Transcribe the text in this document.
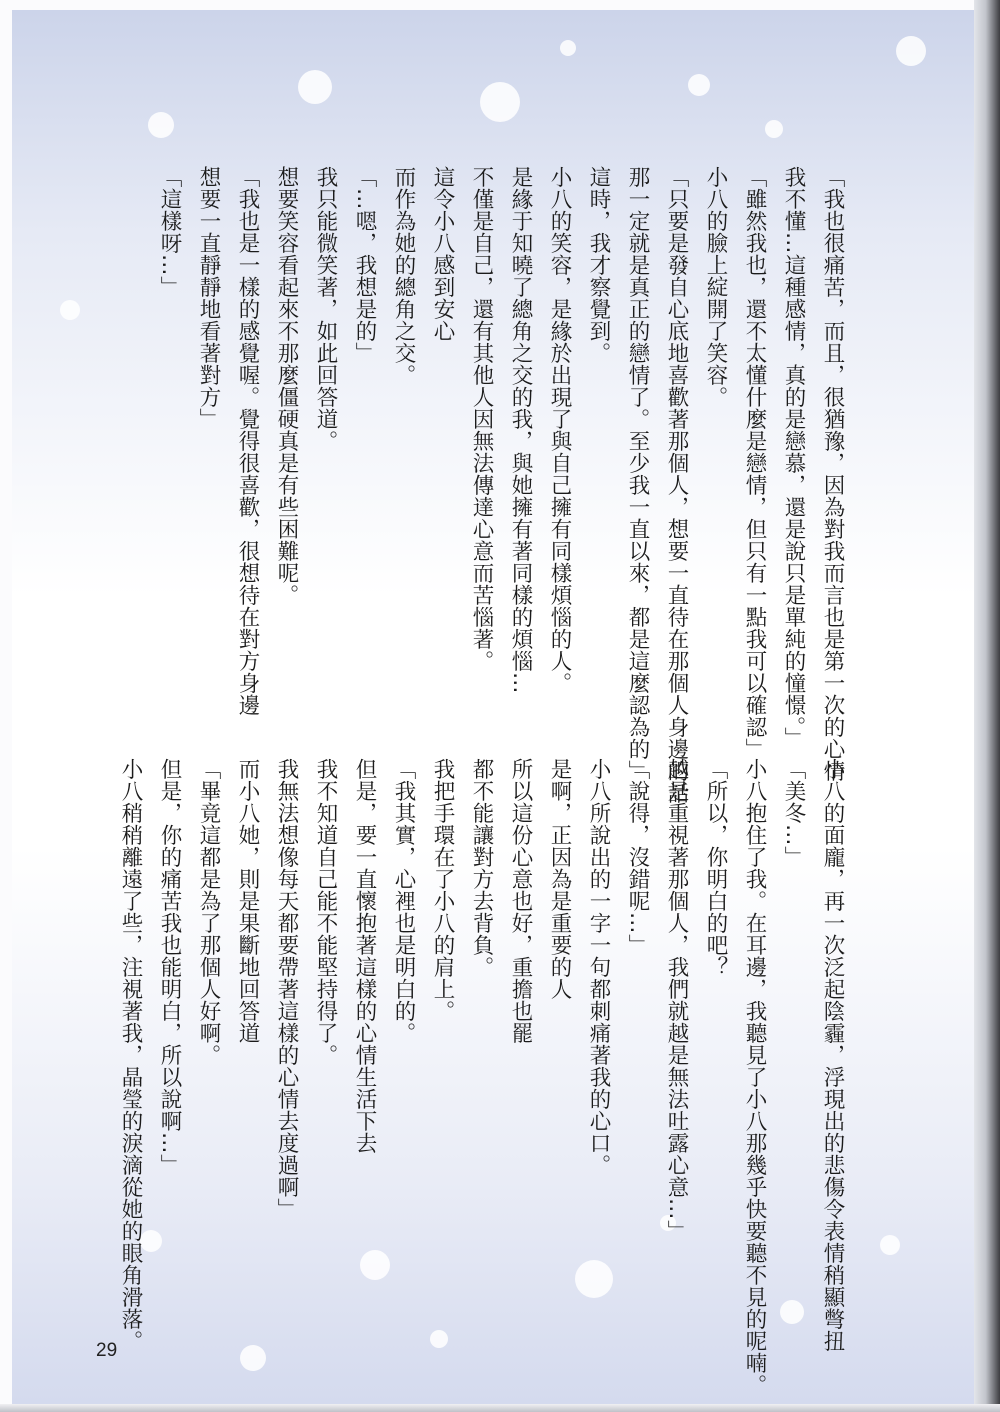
「我也很痛苦，而且，很猶豫，因為對我而言也是第一次的心情
我不懂…這種感情，真的是戀慕，還是說只是單純的憧憬。」
「雖然我也，還不太懂什麼是戀情，但只有一點我可以確認」
小八的臉上綻開了笑容。
「只要是發自心底地喜歡著那個人，想要一直待在那個人身邊的話
那一定就是真正的戀情了。至少我一直以來，都是這麼認為的」
這時，我才察覺到。
小八的笑容，是緣於出現了與自己擁有同樣煩惱的人。
是緣于知曉了總角之交的我，與她擁有著同樣的煩惱…
不僅是自己，還有其他人因無法傳達心意而苦惱著。
這令小八感到安心
而作為她的總角之交。
「…嗯，我想是的」
我只能微笑著，如此回答道。
想要笑容看起來不那麼僵硬真是有些困難呢。
「我也是一樣的感覺喔。覺得很喜歡，很想待在對方身邊
想要一直靜靜地看著對方」
「這樣呀…」
小八的面龐，再一次泛起陰霾，浮現出的悲傷令表情稍顯彆扭
「美冬…」
小八抱住了我。在耳邊，我聽見了小八那幾乎快要聽不見的呢喃。
「所以，你明白的吧？
越是重視著那個人，我們就越是無法吐露心意…」
「說得，沒錯呢…」
小八所說出的一字一句都刺痛著我的心口。
是啊，正因為是重要的人
所以這份心意也好，重擔也罷
都不能讓對方去背負。
我把手環在了小八的肩上。
「我其實，心裡也是明白的。
但是，要一直懷抱著這樣的心情生活下去
我不知道自己能不能堅持得了。
我無法想像每天都要帶著這樣的心情去度過啊」
而小八她，則是果斷地回答道
「畢竟這都是為了那個人好啊。
但是，你的痛苦我也能明白，所以說啊…」
小八稍稍離遠了些，注視著我，晶瑩的淚滴從她的眼角滑落。
29
